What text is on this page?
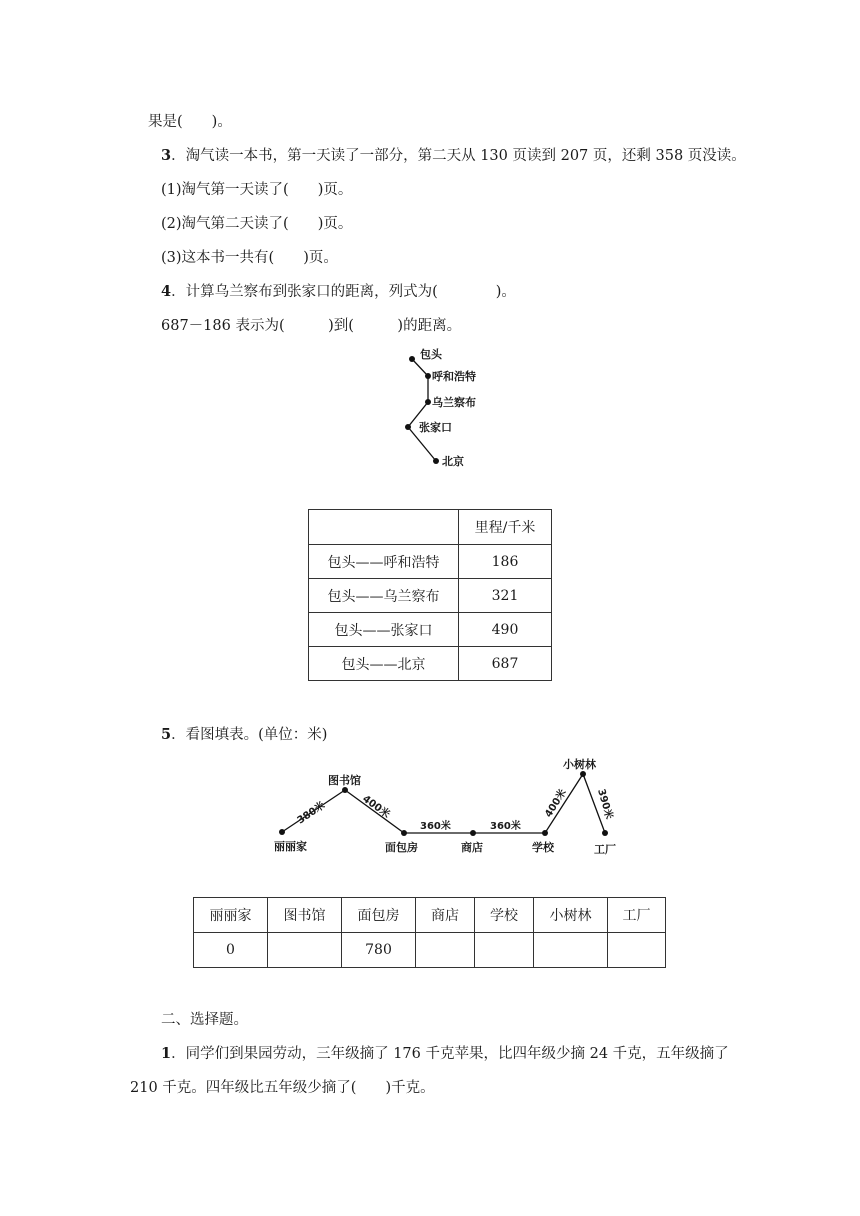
果是(　　)。
3．淘气读一本书，第一天读了一部分，第二天从 130 页读到 207 页，还剩 358 页没读。
(1)淘气第一天读了(　　)页。
(2)淘气第二天读了(　　)页。
(3)这本书一共有(　　)页。
4．计算乌兰察布到张家口的距离，列式为(　　　　)。
687－186 表示为(　　　)到(　　　)的距离。
包头
呼和浩特
乌兰察布
张家口
北京
	里程/千米
包头——呼和浩特	186
包头——乌兰察布	321
包头——张家口	490
包头——北京	687
5．看图填表。(单位：米)
丽丽家
图书馆
面包房	商店	学校
小树林
工厂
380米	400米
360米	360米
400米	390米
丽丽家	图书馆	面包房	商店	学校	小树林	工厂
0		780				
二、选择题。
1．同学们到果园劳动，三年级摘了 176 千克苹果，比四年级少摘 24 千克，五年级摘了
210 千克。四年级比五年级少摘了(　　)千克。
